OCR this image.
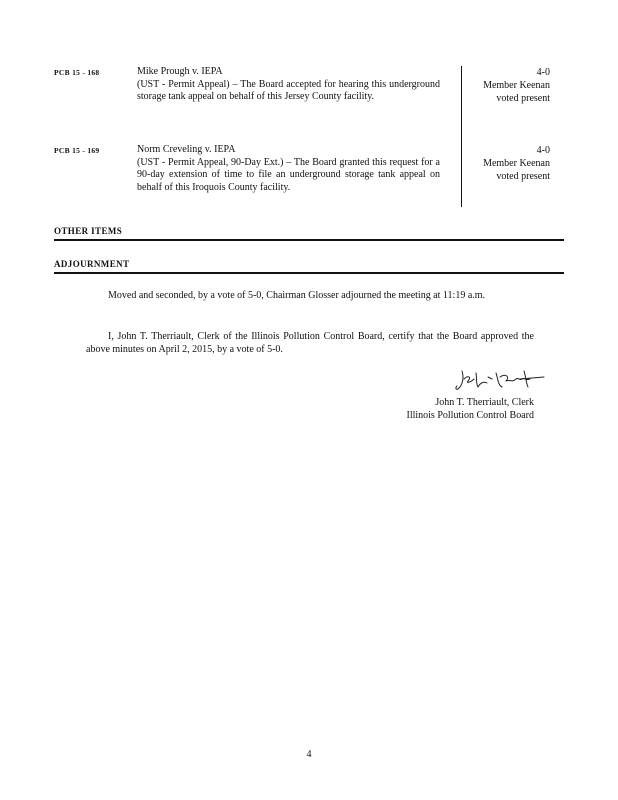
PCB 15 - 168	Mike Prough v. IEPA
(UST - Permit Appeal) – The Board accepted for hearing this underground storage tank appeal on behalf of this Jersey County facility.
4-0
Member Keenan
voted present
PCB 15 - 169	Norm Creveling v. IEPA
(UST - Permit Appeal, 90-Day Ext.) – The Board granted this request for a 90-day extension of time to file an underground storage tank appeal on behalf of this Iroquois County facility.
4-0
Member Keenan
voted present
OTHER ITEMS
ADJOURNMENT
Moved and seconded, by a vote of 5-0, Chairman Glosser adjourned the meeting at 11:19 a.m.
I, John T. Therriault, Clerk of the Illinois Pollution Control Board, certify that the Board approved the above minutes on April 2, 2015, by a vote of 5-0.
John T. Therriault, Clerk
Illinois Pollution Control Board
4
